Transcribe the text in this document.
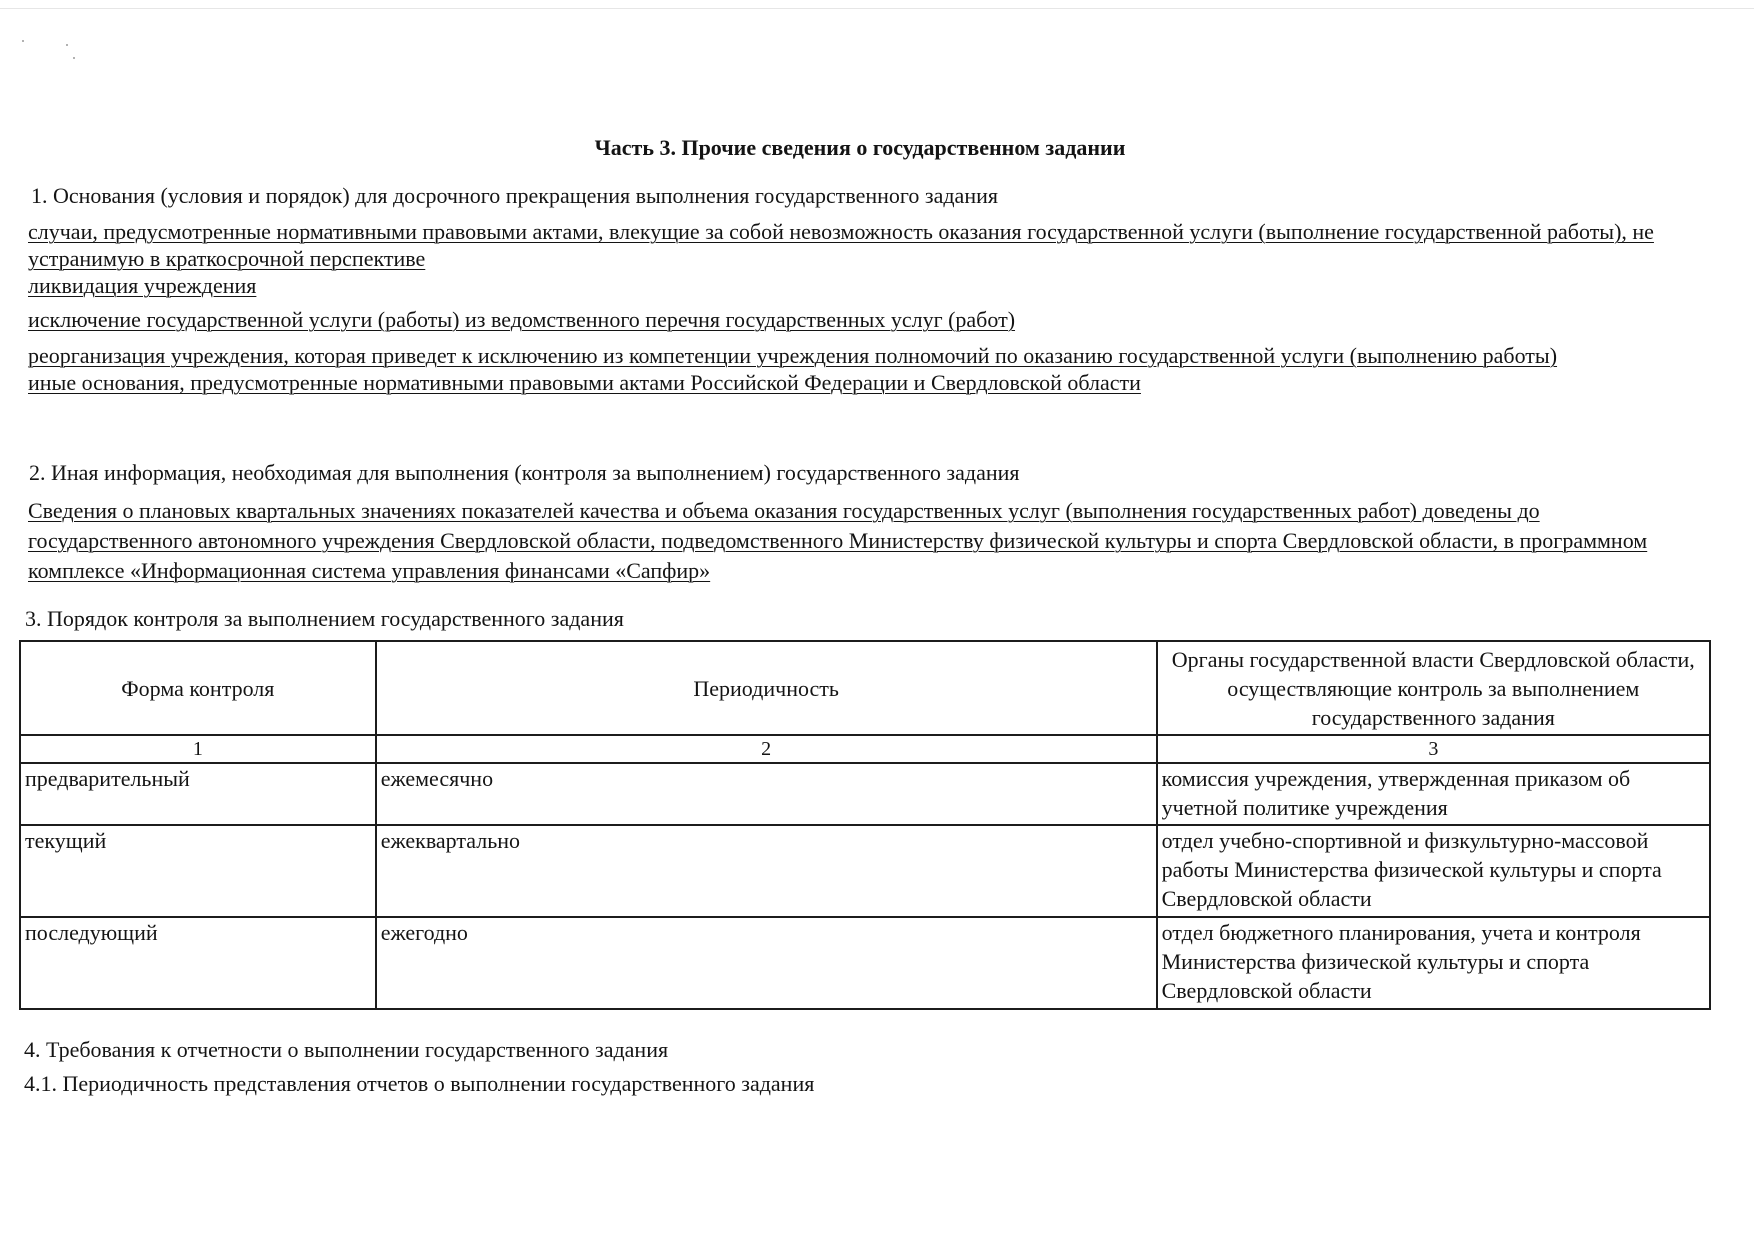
Часть 3. Прочие сведения о государственном задании
1. Основания (условия и порядок) для досрочного прекращения выполнения государственного задания
случаи, предусмотренные нормативными правовыми актами, влекущие за собой невозможность оказания государственной услуги (выполнение государственной работы), не устранимую в краткосрочной перспективе
ликвидация учреждения
исключение государственной услуги (работы) из ведомственного перечня государственных услуг (работ)
реорганизация учреждения, которая приведет к исключению из компетенции учреждения полномочий по оказанию государственной услуги (выполнению работы)
иные основания, предусмотренные нормативными правовыми актами Российской Федерации и Свердловской области
2. Иная информация, необходимая для выполнения (контроля за выполнением) государственного задания
Сведения о плановых квартальных значениях показателей качества и объема оказания государственных услуг (выполнения государственных работ) доведены до государственного автономного учреждения Свердловской области, подведомственного Министерству физической культуры и спорта Свердловской области, в программном комплексе «Информационная система управления финансами «Сапфир»
3. Порядок контроля за выполнением государственного задания
Форма контроля	Периодичность	Органы государственной власти Свердловской области, осуществляющие контроль за выполнением государственного задания
1	2	3
предварительный	ежемесячно	комиссия учреждения, утвержденная приказом об учетной политике учреждения
текущий	ежеквартально	отдел учебно-спортивной и физкультурно-массовой работы Министерства физической культуры и спорта Свердловской области
последующий	ежегодно	отдел бюджетного планирования, учета и контроля Министерства физической культуры и спорта Свердловской области
4. Требования к отчетности о выполнении государственного задания
4.1. Периодичность представления отчетов о выполнении государственного задания
